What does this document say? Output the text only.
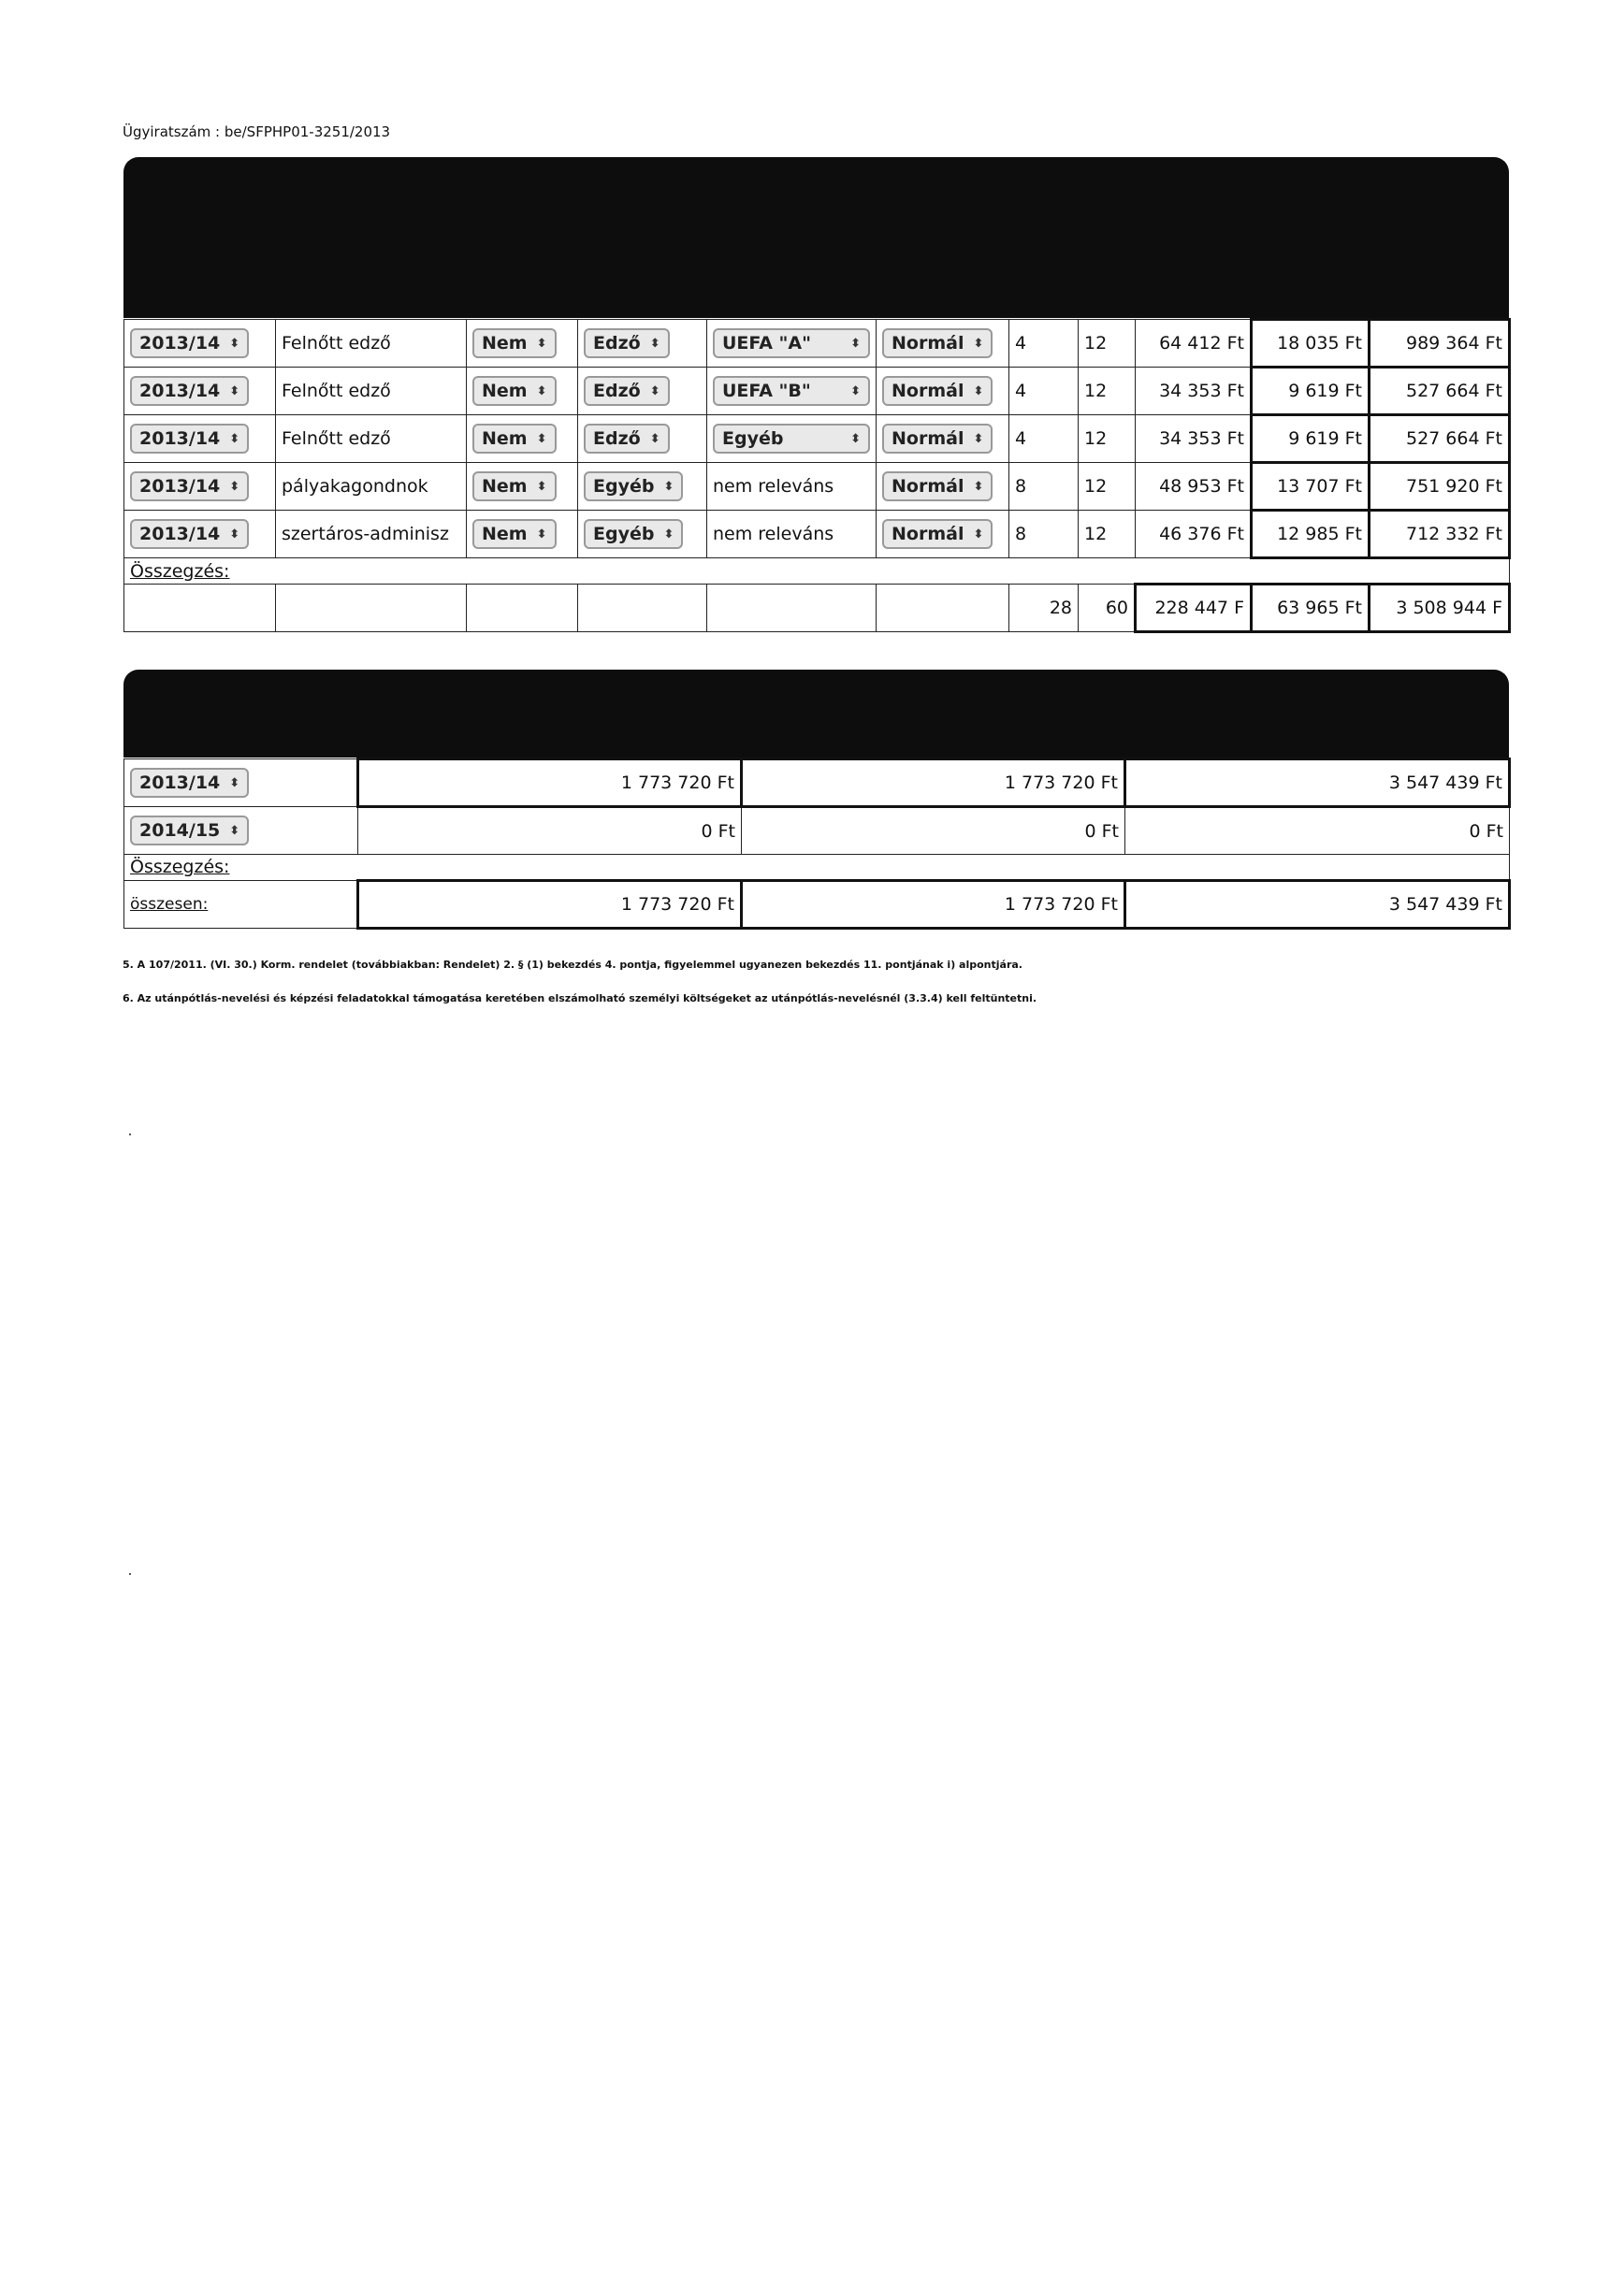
Ügyiratszám : be/SFPHP01-3251/2013
2013/14 ⬍	Felnőtt edző	Nem ⬍	Edző ⬍	UEFA "A" ⬍	Normál ⬍	4	12	64 412 Ft	18 035 Ft	989 364 Ft

2013/14 ⬍	Felnőtt edző	Nem ⬍	Edző ⬍	UEFA "B" ⬍	Normál ⬍	4	12	34 353 Ft	9 619 Ft	527 664 Ft

2013/14 ⬍	Felnőtt edző	Nem ⬍	Edző ⬍	Egyéb ⬍	Normál ⬍	4	12	34 353 Ft	9 619 Ft	527 664 Ft

2013/14 ⬍	pályakagondnok	Nem ⬍	Egyéb ⬍	nem releváns	Normál ⬍	8	12	48 953 Ft	13 707 Ft	751 920 Ft

2013/14 ⬍	szertáros-adminisz	Nem ⬍	Egyéb ⬍	nem releváns	Normál ⬍	8	12	46 376 Ft	12 985 Ft	712 332 Ft
Összegzés:										
						28	60	228 447 F	63 965 Ft	3 508 944 F
2013/14 ⬍	1 773 720 Ft	1 773 720 Ft	3 547 439 Ft

2014/15 ⬍	0 Ft	0 Ft	0 Ft
Összegzés:			
összesen:	1 773 720 Ft	1 773 720 Ft	3 547 439 Ft
5. A 107/2011. (VI. 30.) Korm. rendelet (továbbiakban: Rendelet) 2. § (1) bekezdés 4. pontja, figyelemmel ugyanezen bekezdés 11. pontjának i) alpontjára.
6. Az utánpótlás-nevelési és képzési feladatokkal támogatása keretében elszámolható személyi költségeket az utánpótlás-nevelésnél (3.3.4) kell feltüntetni.
